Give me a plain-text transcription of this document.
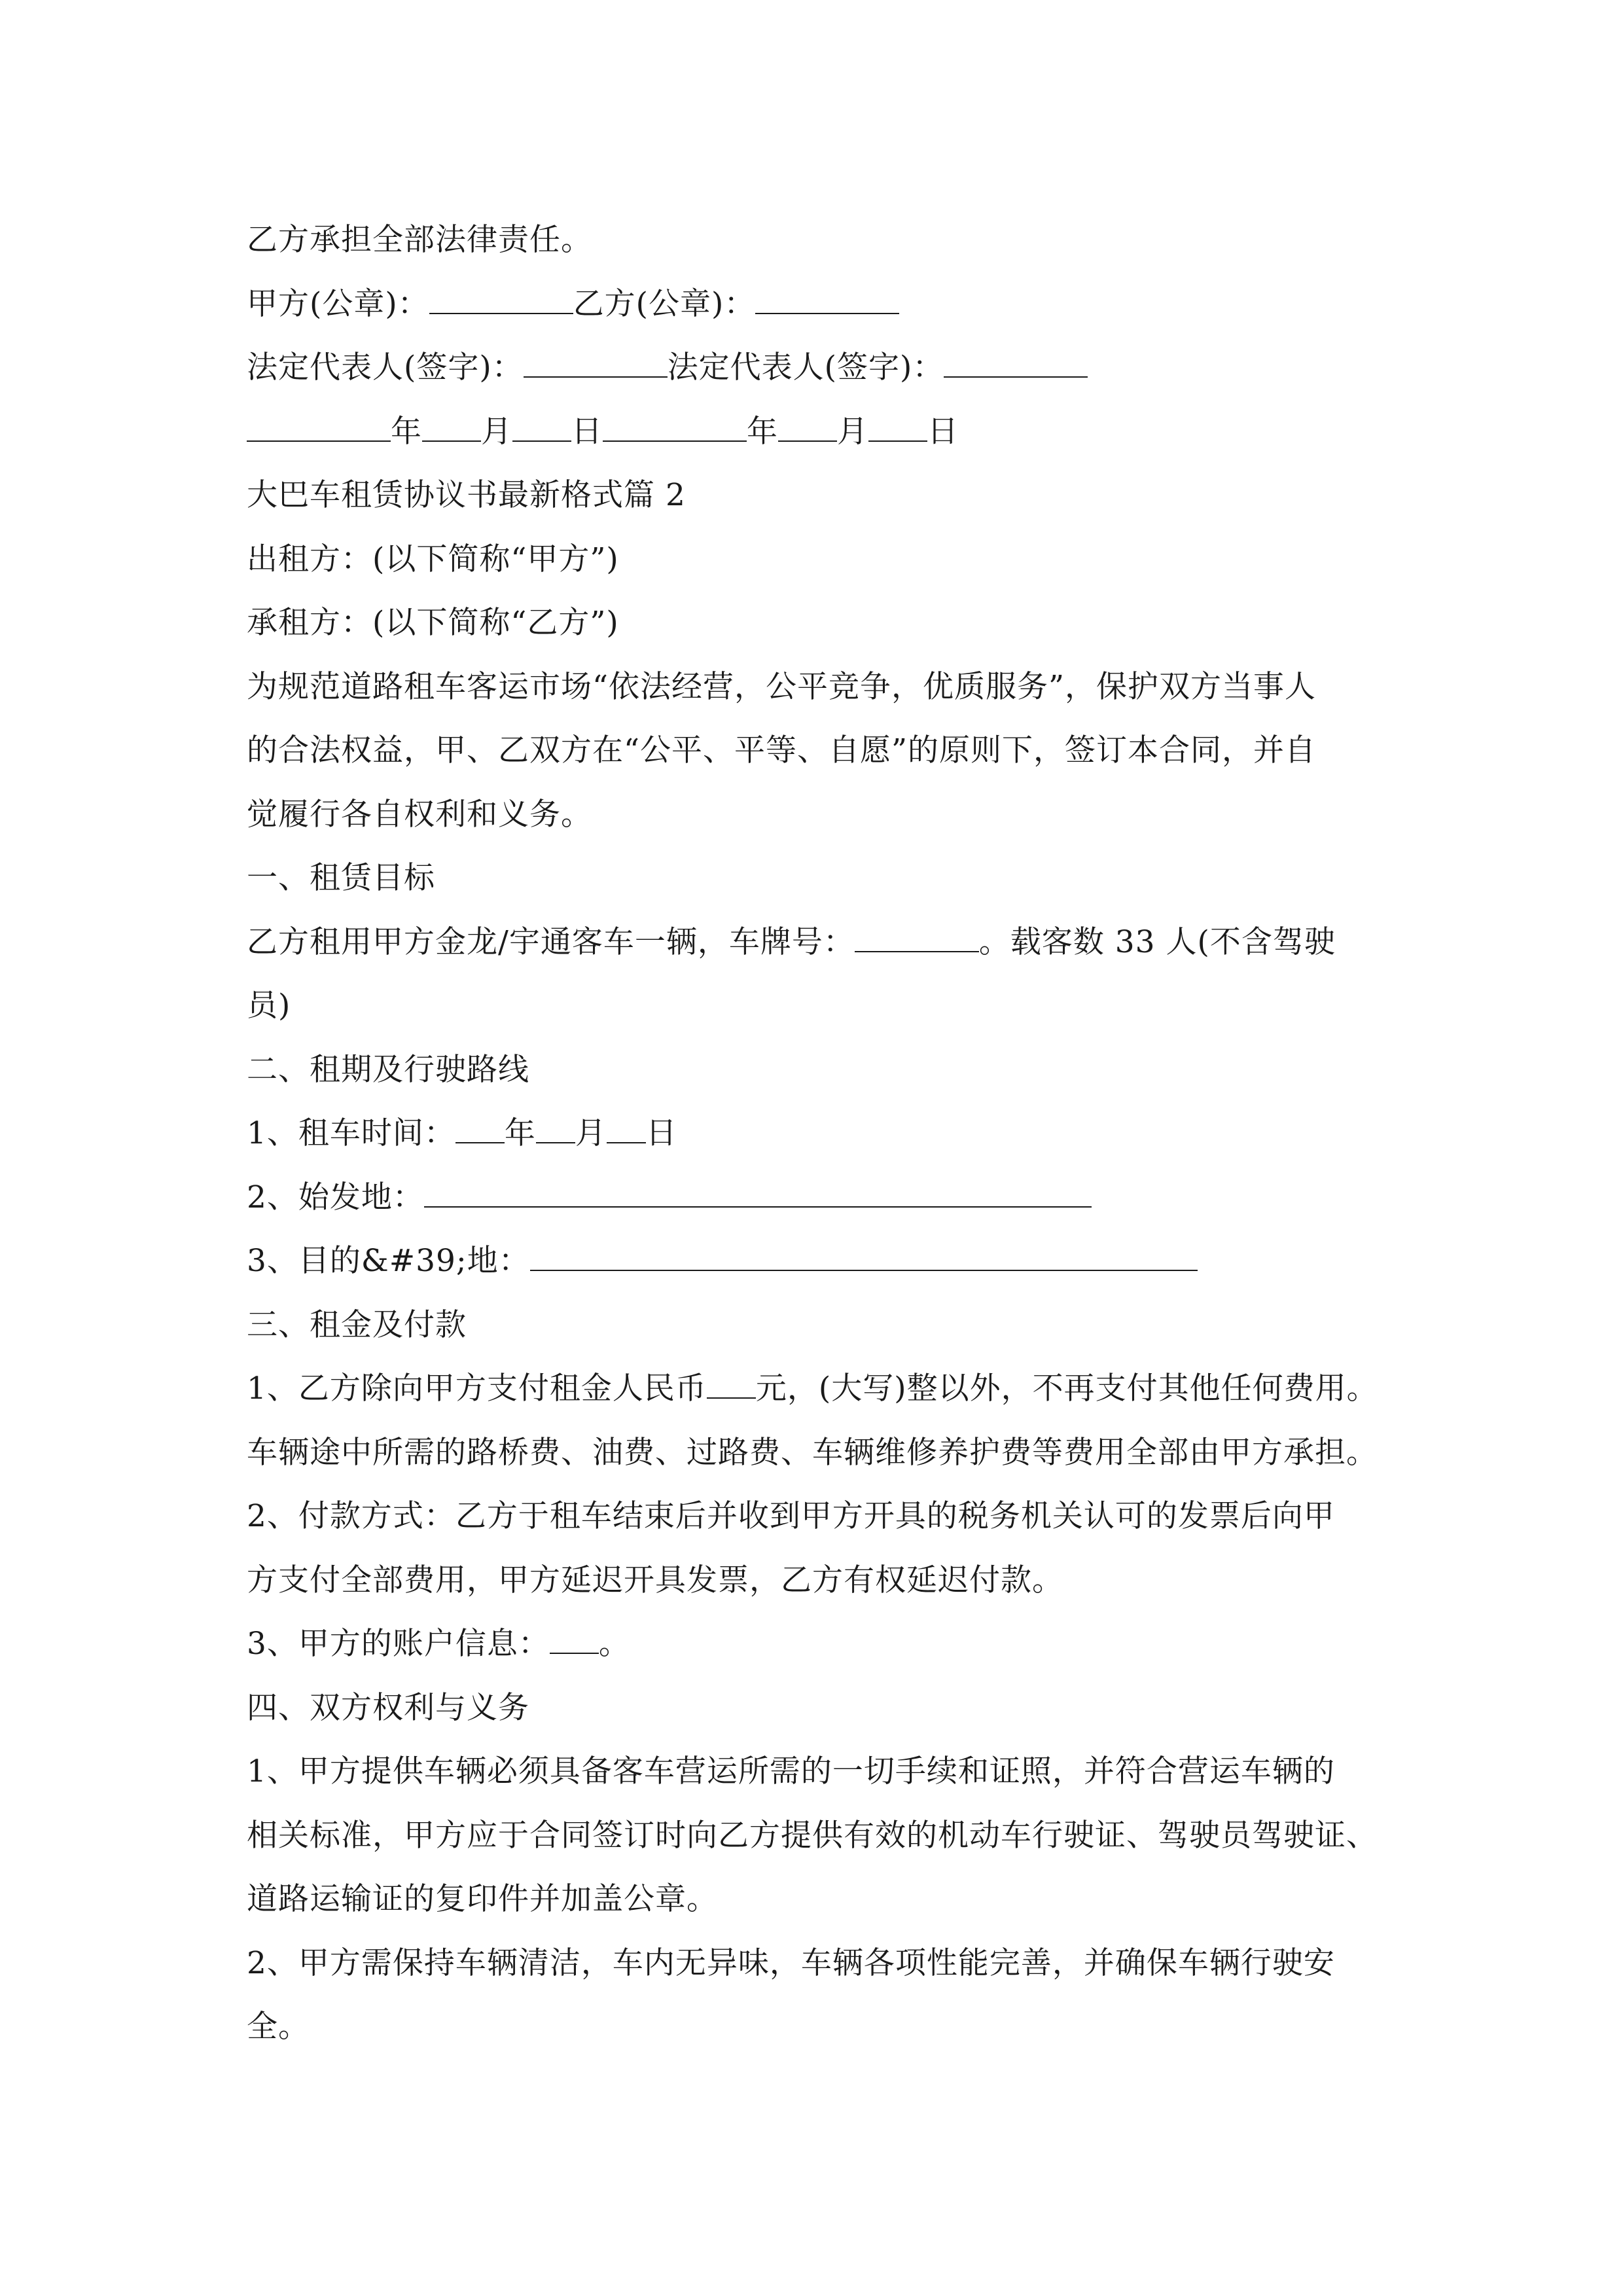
乙方承担全部法律责任。
甲方(公章)：	乙方(公章)：
法定代表人(签字)：	法定代表人(签字)：
年 月 日	年 月 日
大巴车租赁协议书最新格式篇 2
出租方：(以下简称“甲方”)
承租方：(以下简称“乙方”)
为规范道路租车客运市场“依法经营，公平竞争，优质服务”，保护双方当事人
的合法权益，甲、乙双方在“公平、平等、自愿”的原则下，签订本合同，并自
觉履行各自权利和义务。
一、租赁目标
乙方租用甲方金龙/宇通客车一辆，车牌号：	。载客数 33 人(不含驾驶
员)
二、租期及行驶路线
1、租车时间： 年 月 日
2、始发地：
3、目的&#39;地：
三、租金及付款
1、乙方除向甲方支付租金人民币 元，(大写)整以外，不再支付其他任何费用。
车辆途中所需的路桥费、油费、过路费、车辆维修养护费等费用全部由甲方承担。
2、付款方式：乙方于租车结束后并收到甲方开具的税务机关认可的发票后向甲
方支付全部费用，甲方延迟开具发票，乙方有权延迟付款。
3、甲方的账户信息： 。
四、双方权利与义务
1、甲方提供车辆必须具备客车营运所需的一切手续和证照，并符合营运车辆的
相关标准，甲方应于合同签订时向乙方提供有效的机动车行驶证、驾驶员驾驶证、
道路运输证的复印件并加盖公章。
2、甲方需保持车辆清洁，车内无异味，车辆各项性能完善，并确保车辆行驶安
全。
